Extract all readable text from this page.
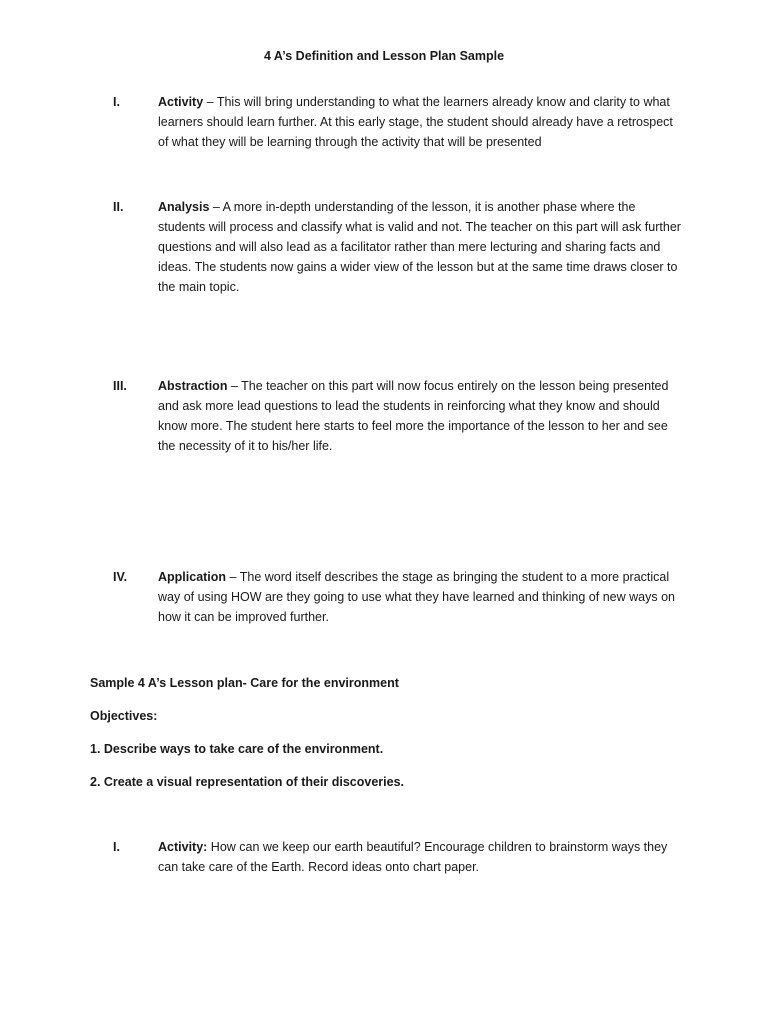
4 A’s Definition and Lesson Plan Sample
I.	Activity – This will bring understanding to what the learners already know and clarity to what learners should learn further. At this early stage, the student should already have a retrospect of what they will be learning through the activity that will be presented
II.	Analysis – A more in-depth understanding of the lesson, it is another phase where the students will process and classify what is valid and not. The teacher on this part will ask further questions and will also lead as a facilitator rather than mere lecturing and sharing facts and ideas. The students now gains a wider view of the lesson but at the same time draws closer to the main topic.
III. Abstraction – The teacher on this part will now focus entirely on the lesson being presented and ask more lead questions to lead the students in reinforcing what they know and should know more. The student here starts to feel more the importance of the lesson to her and see the necessity of it to his/her life.
IV. Application – The word itself describes the stage as bringing the student to a more practical way of using HOW are they going to use what they have learned and thinking of new ways on how it can be improved further.
Sample 4 A’s Lesson plan- Care for the environment
Objectives:
1. Describe ways to take care of the environment.
2. Create a visual representation of their discoveries.
I.	Activity: How can we keep our earth beautiful? Encourage children to brainstorm ways they can take care of the Earth. Record ideas onto chart paper.
